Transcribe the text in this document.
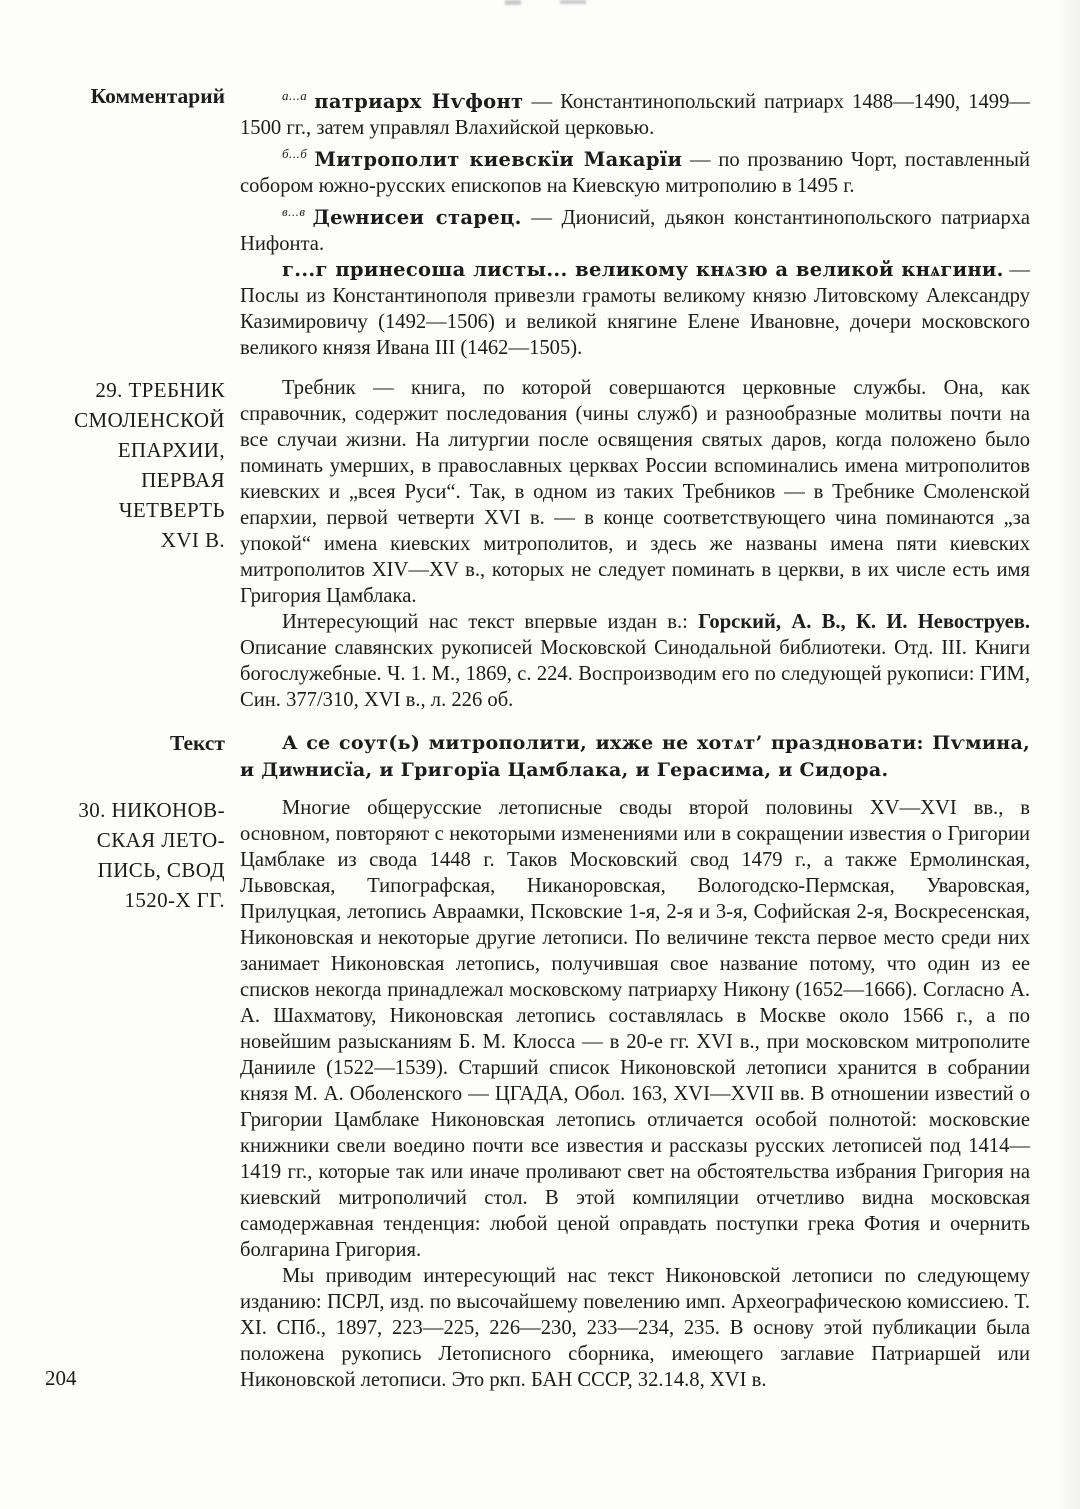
Комментарий	$^{а...а}$ патриарх Нѵфонт — Константинопольский патриарх 1488—1490, 1499—1500 гг., затем управлял Влахийской церковью.

$^{б...б}$ Митрополит киевскїи Макарїи — по прозванию Чорт, поставленный собором южно-русских епископов на Киевскую митрополию в 1495 г.

$^{в...в}$ Деѡнисеи старец. — Дионисий, дьякон константинопольского патриарха Нифонта.

г...г принесоша листы... великому кнѧзю а великой кнѧгини. — Послы из Константинополя привезли грамоты великому князю Литовскому Александру Казимировичу (1492—1506) и великой княгине Елене Ивановне, дочери московского великого князя Ивана III (1462—1505).

29. ТРЕБНИК
СМОЛЕНСКОЙ
ЕПАРХИИ,
ПЕРВАЯ
ЧЕТВЕРТЬ
XVI В.

Требник — книга, по которой совершаются церковные службы. Она, как справочник, содержит последования (чины служб) и разнообразные молитвы почти на все случаи жизни. На литургии после освящения святых даров, когда положено было поминать умерших, в православных церквах России вспоминались имена митрополитов киевских и „всея Руси“. Так, в одном из таких Требников — в Требнике Смоленской епархии, первой четверти XVI в. — в конце соответствующего чина поминаются „за упокой“ имена киевских митрополитов, и здесь же названы имена пяти киевских митрополитов XIV—XV в., которых не следует поминать в церкви, в их числе есть имя Григория Цамблака.

Интересующий нас текст впервые издан в.: Горский, А. В., К. И. Невоструев. Описание славянских рукописей Московской Синодальной библиотеки. Отд. III. Книги богослужебные. Ч. 1. М., 1869, с. 224. Воспроизводим его по следующей рукописи: ГИМ, Син. 377/310, XVI в., л. 226 об.

Текст	А се соут(ь) митрополити, ихже не хотѧт’ праздновати: Пѵмина, и Диѡнисїа, и Григорїа Цамблака, и Герасима, и Сидора.

30. НИКОНОВ-
СКАЯ ЛЕТО-
ПИСЬ, СВОД
1520-Х ГГ.

Многие общерусские летописные своды второй половины XV—XVI вв., в основном, повторяют с некоторыми изменениями или в сокращении известия о Григории Цамблаке из свода 1448 г. Таков Московский свод 1479 г., а также Ермолинская, Львовская, Типографская, Никаноровская, Вологодско-Пермская, Уваровская, Прилуцкая, летопись Авраамки, Псковские 1-я, 2-я и 3-я, Софийская 2-я, Воскресенская, Никоновская и некоторые другие летописи. По величине текста первое место среди них занимает Никоновская летопись, получившая свое название потому, что один из ее списков некогда принадлежал московскому патриарху Никону (1652—1666). Согласно А. А. Шахматову, Никоновская летопись составлялась в Москве около 1566 г., а по новейшим разысканиям Б. М. Клосса — в 20-е гг. XVI в., при московском митрополите Данииле (1522—1539). Старший список Никоновской летописи хранится в собрании князя М. А. Оболенского — ЦГАДА, Обол. 163, XVI—XVII вв. В отношении известий о Григории Цамблаке Никоновская летопись отличается особой полнотой: московские книжники свели воедино почти все известия и рассказы русских летописей под 1414—1419 гг., которые так или иначе проливают свет на обстоятельства избрания Григория на киевский митрополичий стол. В этой компиляции отчетливо видна московская самодержавная тенденция: любой ценой оправдать поступки грека Фотия и очернить болгарина Григория.

Мы приводим интересующий нас текст Никоновской летописи по следующему изданию: ПСРЛ, изд. по высочайшему повелению имп. Археографическою комиссиею. Т. XI. СПб., 1897, 223—225, 226—230, 233—234, 235. В основу этой публикации была положена рукопись Летописного сборника, имеющего заглавие Патриаршей или Никоновской летописи. Это ркп. БАН СССР, 32.14.8, XVI в.

204
